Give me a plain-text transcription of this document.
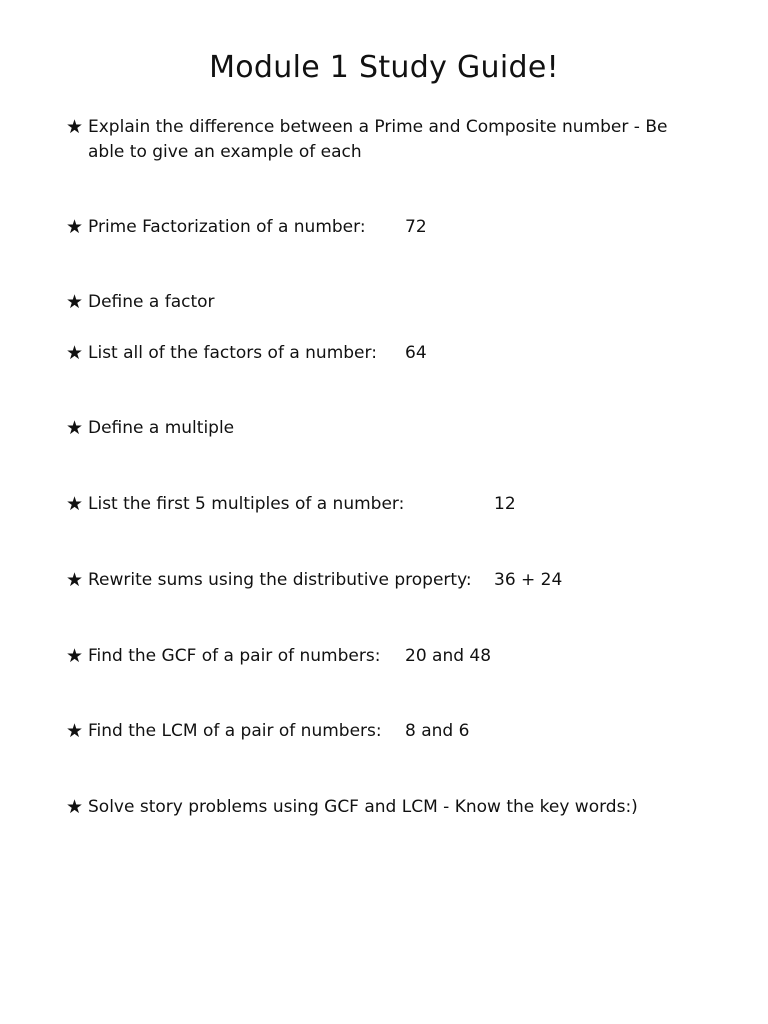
Module 1 Study Guide!
★ Explain the difference between a Prime and Composite number - Be able to give an example of each
★ Prime Factorization of a number:	72
★ Define a factor
★ List all of the factors of a number:	64
★ Define a multiple
★ List the first 5 multiples of a number:	12
★ Rewrite sums using the distributive property:	36 + 24
★ Find the GCF of a pair of numbers:	20 and 48
★ Find the LCM of a pair of numbers:	8 and 6
★ Solve story problems using GCF and LCM - Know the key words:)
